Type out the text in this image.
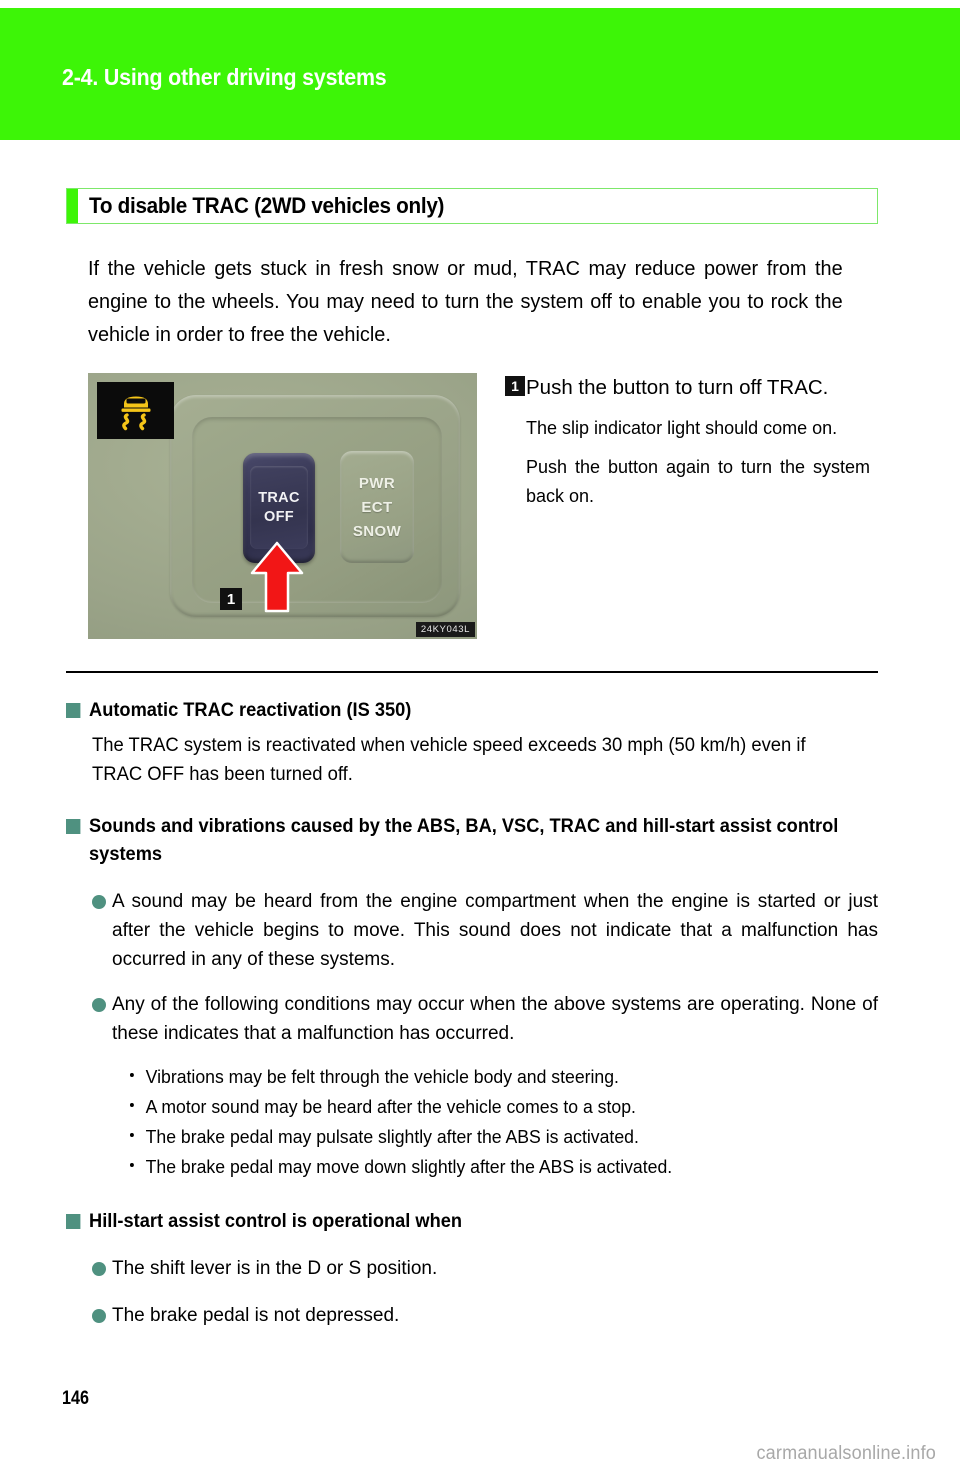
2-4. Using other driving systems
To disable TRAC (2WD vehicles only)
If the vehicle gets stuck in fresh snow or mud, TRAC may reduce power from the engine to the wheels. You may need to turn the system off to enable you to rock the vehicle in order to free the vehicle.
TRAC
OFF
PWR
ECT
SNOW
1
24KY043L
1 Push the button to turn off TRAC.
The slip indicator light should come on.
Push the button again to turn the system back on.
Automatic TRAC reactivation (IS 350)
The TRAC system is reactivated when vehicle speed exceeds 30 mph (50 km/h) even if TRAC OFF has been turned off.
Sounds and vibrations caused by the ABS, BA, VSC, TRAC and hill-start assist control systems
A sound may be heard from the engine compartment when the engine is started or just after the vehicle begins to move. This sound does not indicate that a malfunction has occurred in any of these systems.
Any of the following conditions may occur when the above systems are operating. None of these indicates that a malfunction has occurred.
Vibrations may be felt through the vehicle body and steering.
A motor sound may be heard after the vehicle comes to a stop.
The brake pedal may pulsate slightly after the ABS is activated.
The brake pedal may move down slightly after the ABS is activated.
Hill-start assist control is operational when
The shift lever is in the D or S position.
The brake pedal is not depressed.
146
carmanualsonline.info
